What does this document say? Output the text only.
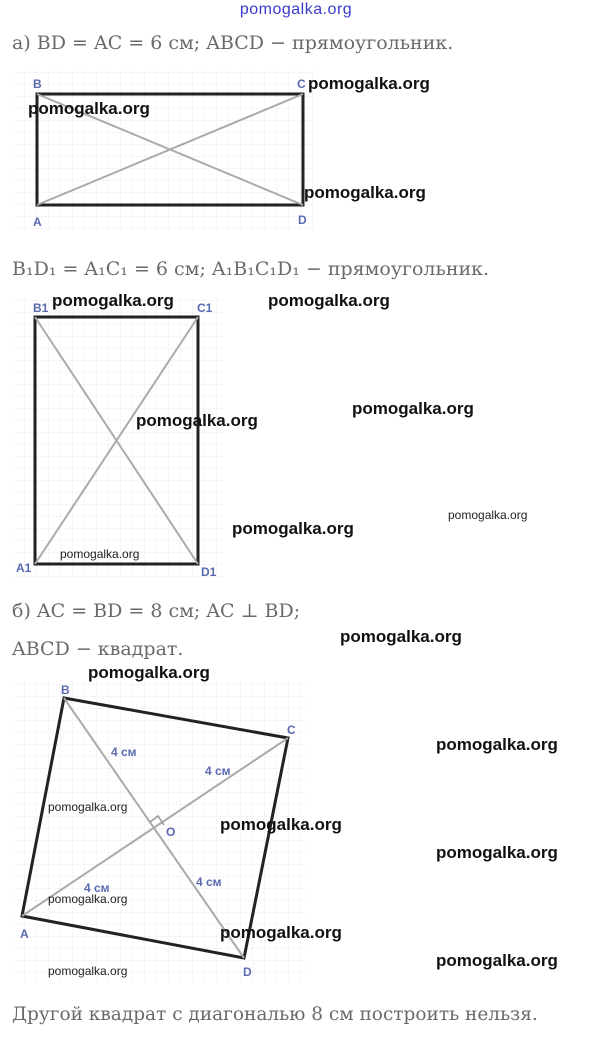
pomogalka.org
а) BD = AC = 6 см; ABCD − прямоугольник.
B	C
A	D
B1	C1
A1	D1
B
C
A
D
O
4 см
4 см
4 см	4 см
B₁D₁ = A₁C₁ = 6 см; A₁B₁C₁D₁ − прямоугольник.
б) AC = BD = 8 см; AC ⊥ BD;
ABCD − квадрат.
Другой квадрат с диагональю 8 см построить нельзя.
pomogalka.org
pomogalka.org
pomogalka.org
pomogalka.org	pomogalka.org
pomogalka.org
pomogalka.org
pomogalka.org
pomogalka.org
pomogalka.org
pomogalka.org
pomogalka.org
pomogalka.org
pomogalka.org
pomogalka.org
pomogalka.org
pomogalka.org
pomogalka.org
pomogalka.org
pomogalka.org
